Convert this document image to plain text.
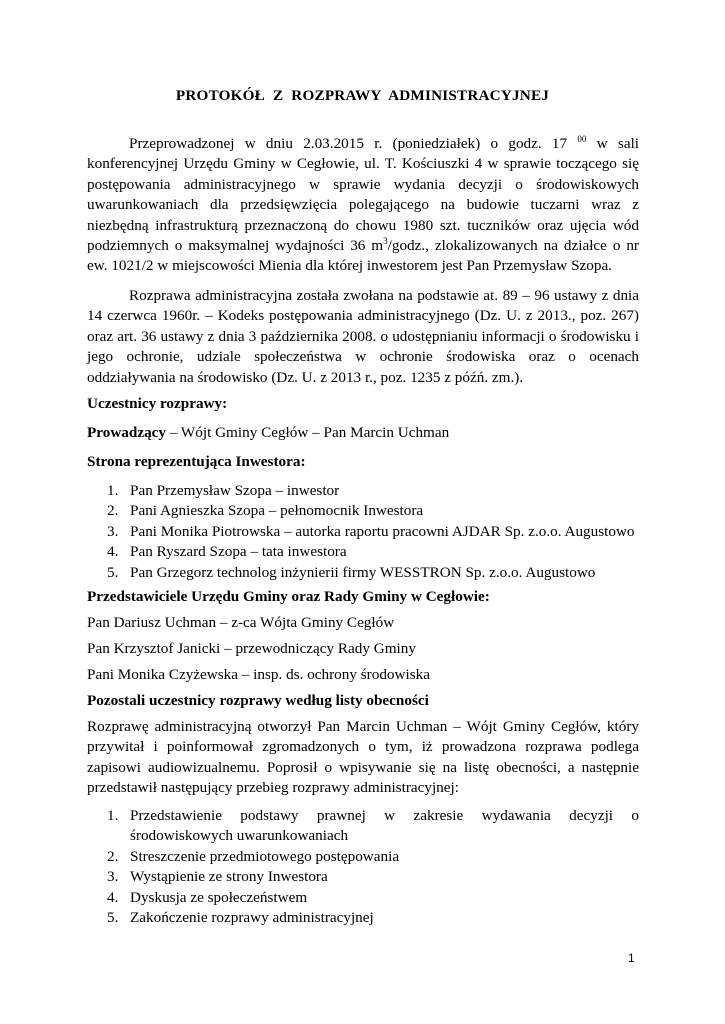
PROTOKÓŁ  Z  ROZPRAWY  ADMINISTRACYJNEJ

Przeprowadzonej w dniu 2.03.2015 r. (poniedziałek) o godz. 17 $^{00}$ w sali konferencyjnej Urzędu Gminy w Cegłowie, ul. T. Kościuszki 4 w sprawie toczącego się postępowania administracyjnego w sprawie wydania decyzji o środowiskowych uwarunkowaniach dla przedsięwzięcia polegającego na budowie tuczarni wraz z niezbędną infrastrukturą przeznaczoną do chowu 1980 szt. tuczników oraz ujęcia wód podziemnych o maksymalnej wydajności 36 $m^3$/godz., zlokalizowanych na działce o nr ew. 1021/2 w miejscowości Mienia dla której inwestorem jest Pan Przemysław Szopa.

Rozprawa administracyjna została zwołana na podstawie at. 89 – 96 ustawy z dnia 14 czerwca 1960r. – Kodeks postępowania administracyjnego (Dz. U. z 2013., poz. 267) oraz art. 36 ustawy z dnia 3 października 2008. o udostępnianiu informacji o środowisku i jego ochronie, udziale społeczeństwa w ochronie środowiska oraz o ocenach oddziaływania na środowisko (Dz. U. z 2013 r., poz. 1235 z późń. zm.).

Uczestnicy rozprawy:

Prowadzący – Wójt Gminy Cegłów – Pan Marcin Uchman

Strona reprezentująca Inwestora:

1. Pan Przemysław Szopa – inwestor
2. Pani Agnieszka Szopa – pełnomocnik Inwestora
3. Pani Monika Piotrowska – autorka raportu pracowni AJDAR Sp. z.o.o. Augustowo
4. Pan Ryszard Szopa – tata inwestora
5. Pan Grzegorz technolog inżynierii firmy WESSTRON Sp. z.o.o. Augustowo

Przedstawiciele Urzędu Gminy oraz Rady Gminy w Cegłowie:

Pan Dariusz Uchman – z-ca Wójta Gminy Cegłów

Pan Krzysztof Janicki – przewodniczący Rady Gminy

Pani Monika Czyżewska – insp. ds. ochrony środowiska

Pozostali uczestnicy rozprawy według listy obecności

Rozprawę administracyjną otworzył Pan Marcin Uchman – Wójt Gminy Cegłów, który przywitał i poinformował zgromadzonych o tym, iż prowadzona rozprawa podlega zapisowi audiowizualnemu. Poprosił o wpisywanie się na listę obecności, a następnie przedstawił następujący przebieg rozprawy administracyjnej:

1. Przedstawienie podstawy prawnej w zakresie wydawania decyzji o środowiskowych uwarunkowaniach
2. Streszczenie przedmiotowego postępowania
3. Wystąpienie ze strony Inwestora
4. Dyskusja ze społeczeństwem
5. Zakończenie rozprawy administracyjnej
1
